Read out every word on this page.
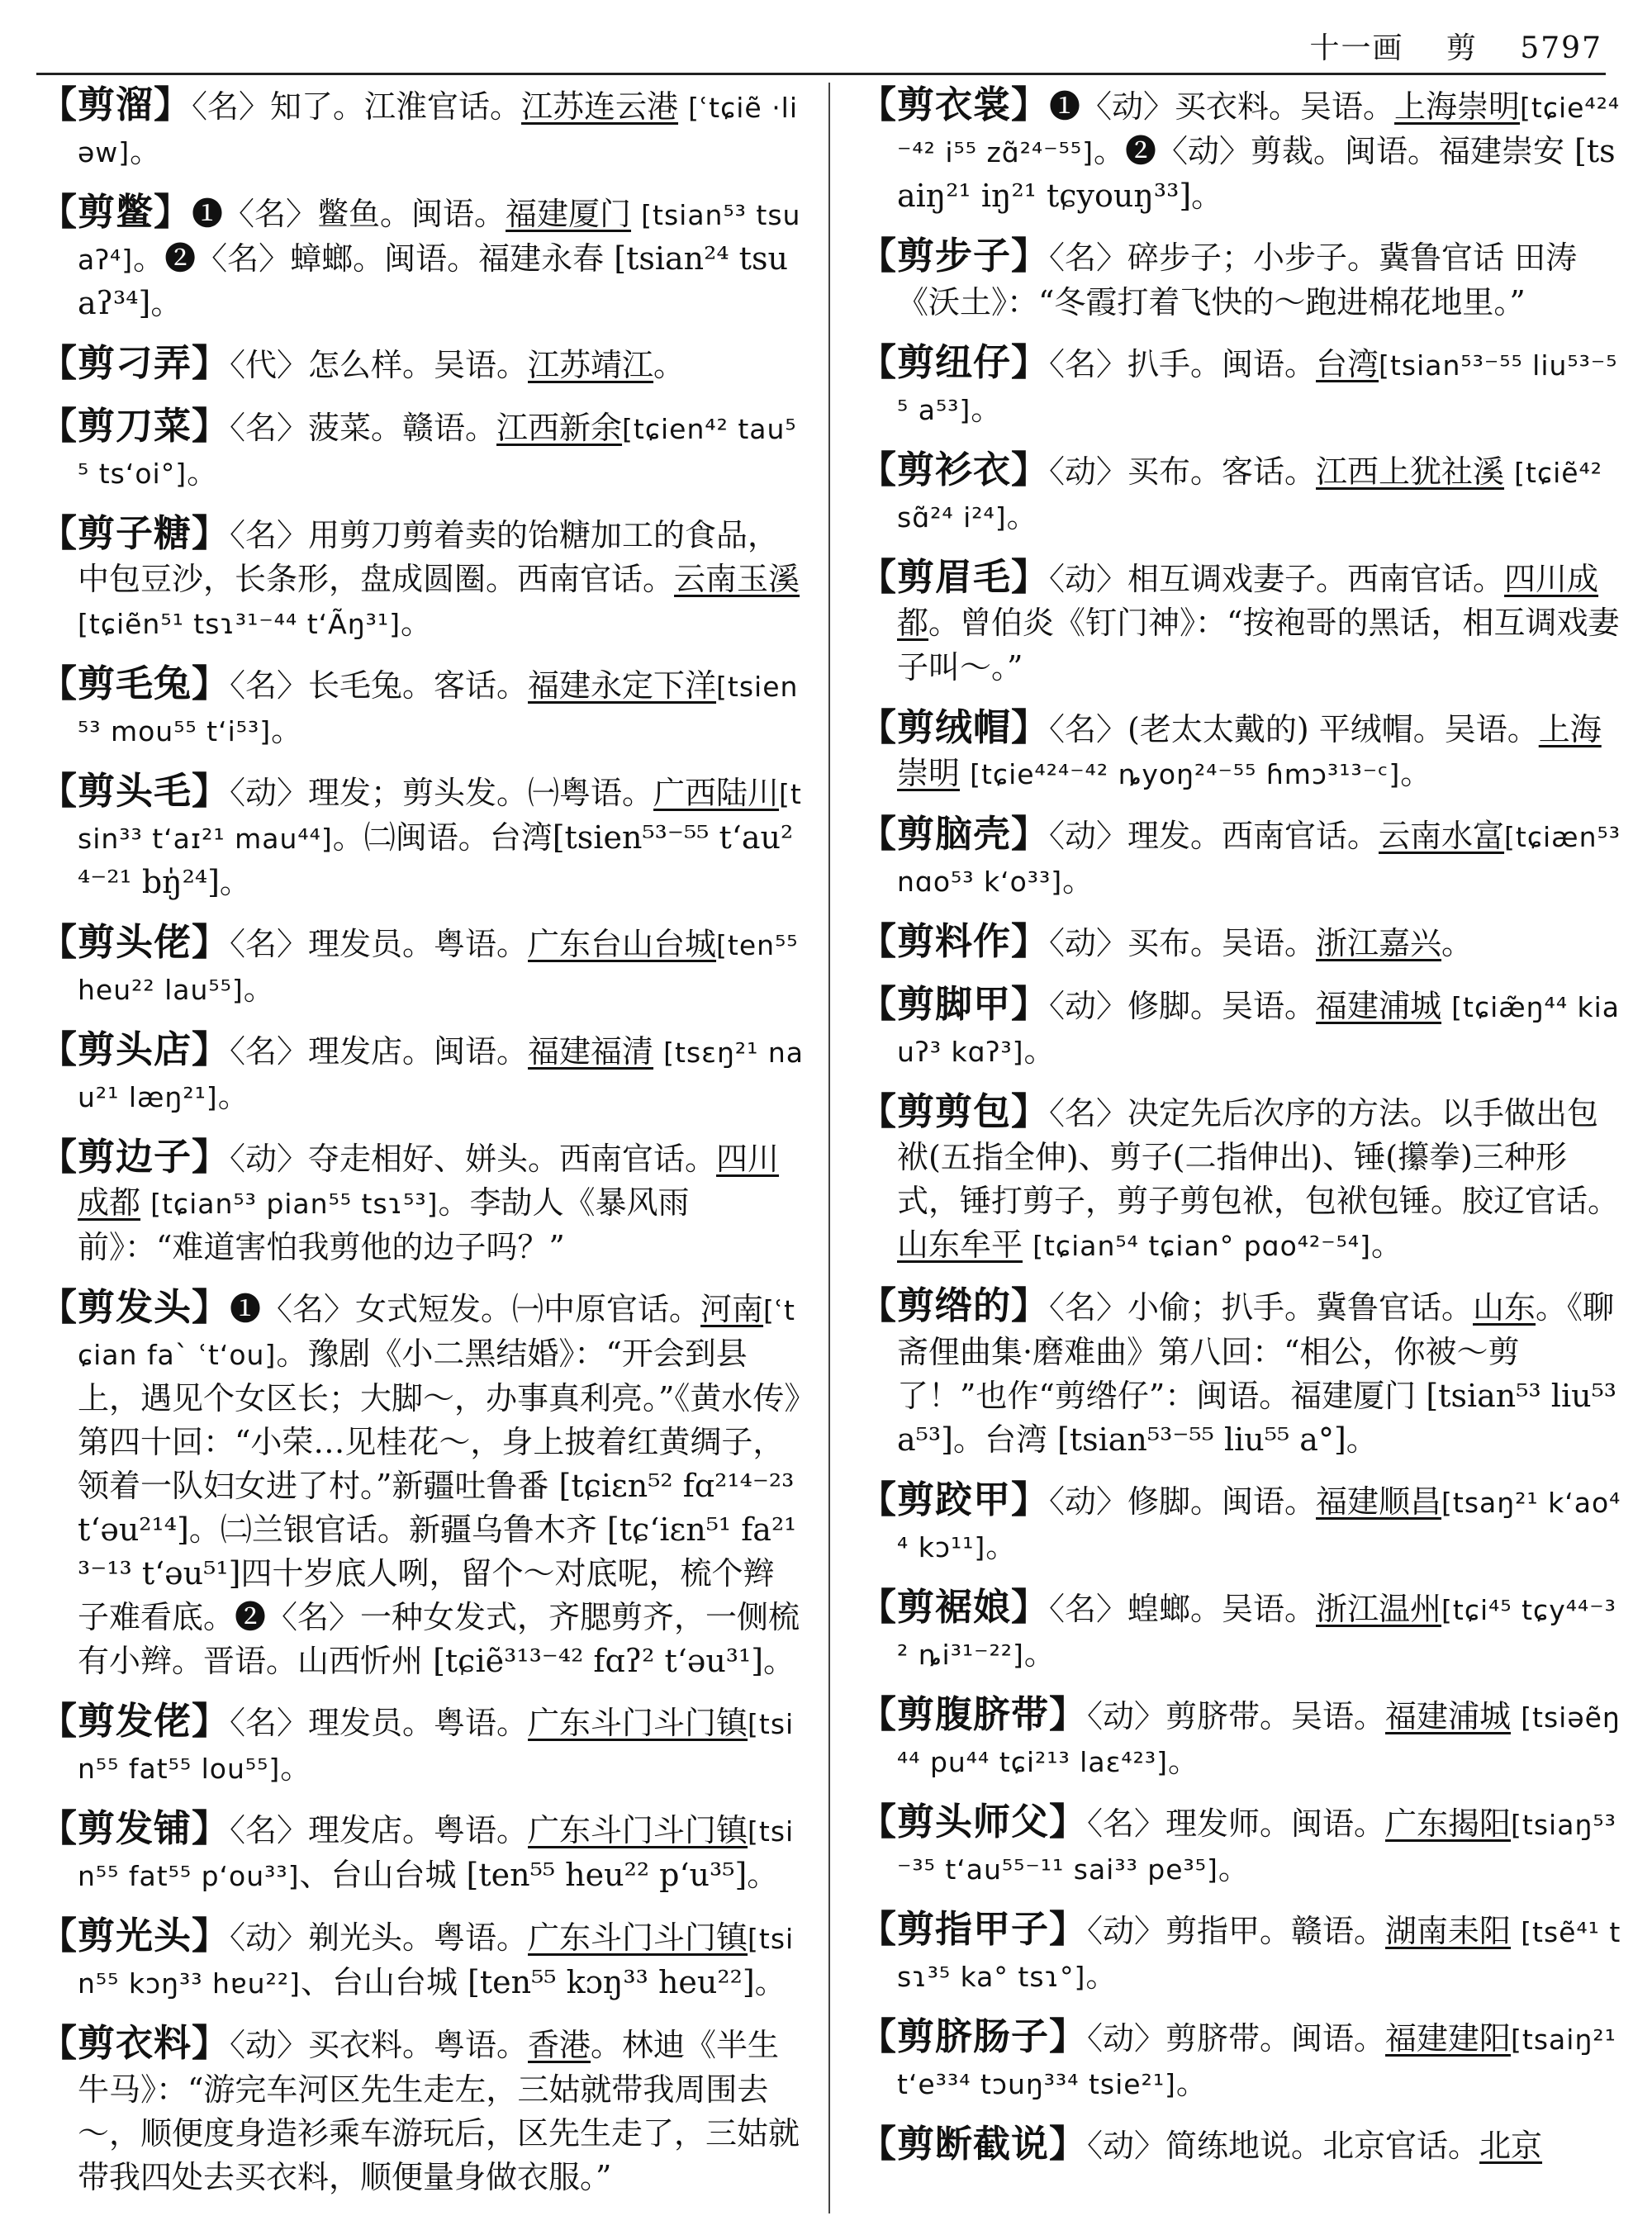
十一画 剪 5797
【剪溜】〈名〉知了。江淮官话。江苏连云港 [ʿtɕiẽ ·liəw]。
【剪鳖】❶〈名〉鳖鱼。闽语。福建厦门 [tsian⁵³ tsuaʔ⁴]。❷〈名〉蟑螂。闽语。福建永春 [tsian²⁴ tsuaʔ³⁴]。
【剪刁弄】〈代〉怎么样。吴语。江苏靖江。
【剪刀菜】〈名〉菠菜。赣语。江西新余[tɕien⁴² tau⁵⁵ tsʻoi°]。
【剪子糖】〈名〉用剪刀剪着卖的饴糖加工的食品，中包豆沙，长条形，盘成圆圈。西南官话。云南玉溪[tɕiẽn⁵¹ tsɿ³¹⁻⁴⁴ tʻÃŋ³¹]。
【剪毛兔】〈名〉长毛兔。客话。福建永定下洋[tsien⁵³ mou⁵⁵ tʻi⁵³]。
【剪头毛】〈动〉理发；剪头发。㈠粤语。广西陆川[tsin³³ tʻaɪ²¹ mau⁴⁴]。㈡闽语。台湾[tsien⁵³⁻⁵⁵ tʻau²⁴⁻²¹ bŋ̍²⁴]。
【剪头佬】〈名〉理发员。粤语。广东台山台城[ten⁵⁵ heu²² lau⁵⁵]。
【剪头店】〈名〉理发店。闽语。福建福清 [tsɛŋ²¹ nau²¹ læŋ²¹]。
【剪边子】〈动〉夺走相好、姘头。西南官话。四川成都 [tɕian⁵³ pian⁵⁵ tsɿ⁵³]。李劼人《暴风雨前》：“难道害怕我剪他的边子吗？”
【剪发头】❶〈名〉女式短发。㈠中原官话。河南[ʿtɕian faˋ ʿtʻou]。豫剧《小二黑结婚》：“开会到县上，遇见个女区长；大脚～，办事真利亮。”《黄水传》第四十回：“小荣…见桂花～，身上披着红黄绸子，领着一队妇女进了村。”新疆吐鲁番 [tɕiɛn⁵² fɑ²¹⁴⁻²³ tʻəu²¹⁴]。㈡兰银官话。新疆乌鲁木齐 [tɕʻiɛn⁵¹ fa²¹³⁻¹³ tʻəu⁵¹]四十岁底人咧，留个～对底呢，梳个辫子难看底。❷〈名〉一种女发式，齐腮剪齐，一侧梳有小辫。晋语。山西忻州 [tɕiẽ³¹³⁻⁴² fɑʔ² tʻəu³¹]。
【剪发佬】〈名〉理发员。粤语。广东斗门斗门镇[tsin⁵⁵ fat⁵⁵ lou⁵⁵]。
【剪发铺】〈名〉理发店。粤语。广东斗门斗门镇[tsin⁵⁵ fat⁵⁵ pʻou³³]、台山台城 [ten⁵⁵ heu²² pʻu³⁵]。
【剪光头】〈动〉剃光头。粤语。广东斗门斗门镇[tsin⁵⁵ kɔŋ³³ hɐu²²]、台山台城 [ten⁵⁵ kɔŋ³³ heu²²]。
【剪衣料】〈动〉买衣料。粤语。香港。林迪《半生牛马》：“游完车河区先生走左，三姑就带我周围去～，顺便度身造衫乘车游玩后，区先生走了，三姑就带我四处去买衣料，顺便量身做衣服。”
【剪衣裳】❶〈动〉买衣料。吴语。上海崇明[tɕie⁴²⁴⁻⁴² i⁵⁵ zɑ̃²⁴⁻⁵⁵]。❷〈动〉剪裁。闽语。福建崇安 [tsaiŋ²¹ iŋ²¹ tɕyouŋ³³]。
【剪步子】〈名〉碎步子；小步子。冀鲁官话 田涛《沃土》：“冬霞打着飞快的～跑进棉花地里。”
【剪纽仔】〈名〉扒手。闽语。台湾[tsian⁵³⁻⁵⁵ liu⁵³⁻⁵⁵ a⁵³]。
【剪衫衣】〈动〉买布。客话。江西上犹社溪 [tɕiẽ⁴² sɑ̃²⁴ i²⁴]。
【剪眉毛】〈动〉相互调戏妻子。西南官话。四川成都。曾伯炎《钉门神》：“按袍哥的黑话，相互调戏妻子叫～。”
【剪绒帽】〈名〉(老太太戴的) 平绒帽。吴语。上海崇明 [tɕie⁴²⁴⁻⁴² ȵyoŋ²⁴⁻⁵⁵ ɦmɔ³¹³⁻ᶜ]。
【剪脑壳】〈动〉理发。西南官话。云南水富[tɕiæn⁵³ nɑo⁵³ kʻo³³]。
【剪料作】〈动〉买布。吴语。浙江嘉兴。
【剪脚甲】〈动〉修脚。吴语。福建浦城 [tɕiæ̃ŋ⁴⁴ kiauʔ³ kɑʔ³]。
【剪剪包】〈名〉决定先后次序的方法。以手做出包袱(五指全伸)、剪子(二指伸出)、锤(攥拳)三种形式，锤打剪子，剪子剪包袱，包袱包锤。胶辽官话。山东牟平 [tɕian⁵⁴ tɕian° pɑo⁴²⁻⁵⁴]。
【剪绺的】〈名〉小偷；扒手。冀鲁官话。山东。《聊斋俚曲集·磨难曲》第八回：“相公，你被～剪了！”也作“剪绺仔”：闽语。福建厦门 [tsian⁵³ liu⁵³ a⁵³]。台湾 [tsian⁵³⁻⁵⁵ liu⁵⁵ a°]。
【剪跤甲】〈动〉修脚。闽语。福建顺昌[tsaŋ²¹ kʻao⁴⁴ kɔ¹¹]。
【剪裾娘】〈名〉蝗螂。吴语。浙江温州[tɕi⁴⁵ tɕy⁴⁴⁻³² ȵi³¹⁻²²]。
【剪腹脐带】〈动〉剪脐带。吴语。福建浦城 [tsiəẽŋ⁴⁴ pu⁴⁴ tɕi²¹³ laɛ⁴²³]。
【剪头师父】〈名〉理发师。闽语。广东揭阳[tsiaŋ⁵³⁻³⁵ tʻau⁵⁵⁻¹¹ sai³³ pe³⁵]。
【剪指甲子】〈动〉剪指甲。赣语。湖南耒阳 [tsẽ⁴¹ tsɿ³⁵ ka° tsɿ°]。
【剪脐肠子】〈动〉剪脐带。闽语。福建建阳[tsaiŋ²¹ tʻe³³⁴ tɔuŋ³³⁴ tsie²¹]。
【剪断截说】〈动〉简练地说。北京官话。北京
